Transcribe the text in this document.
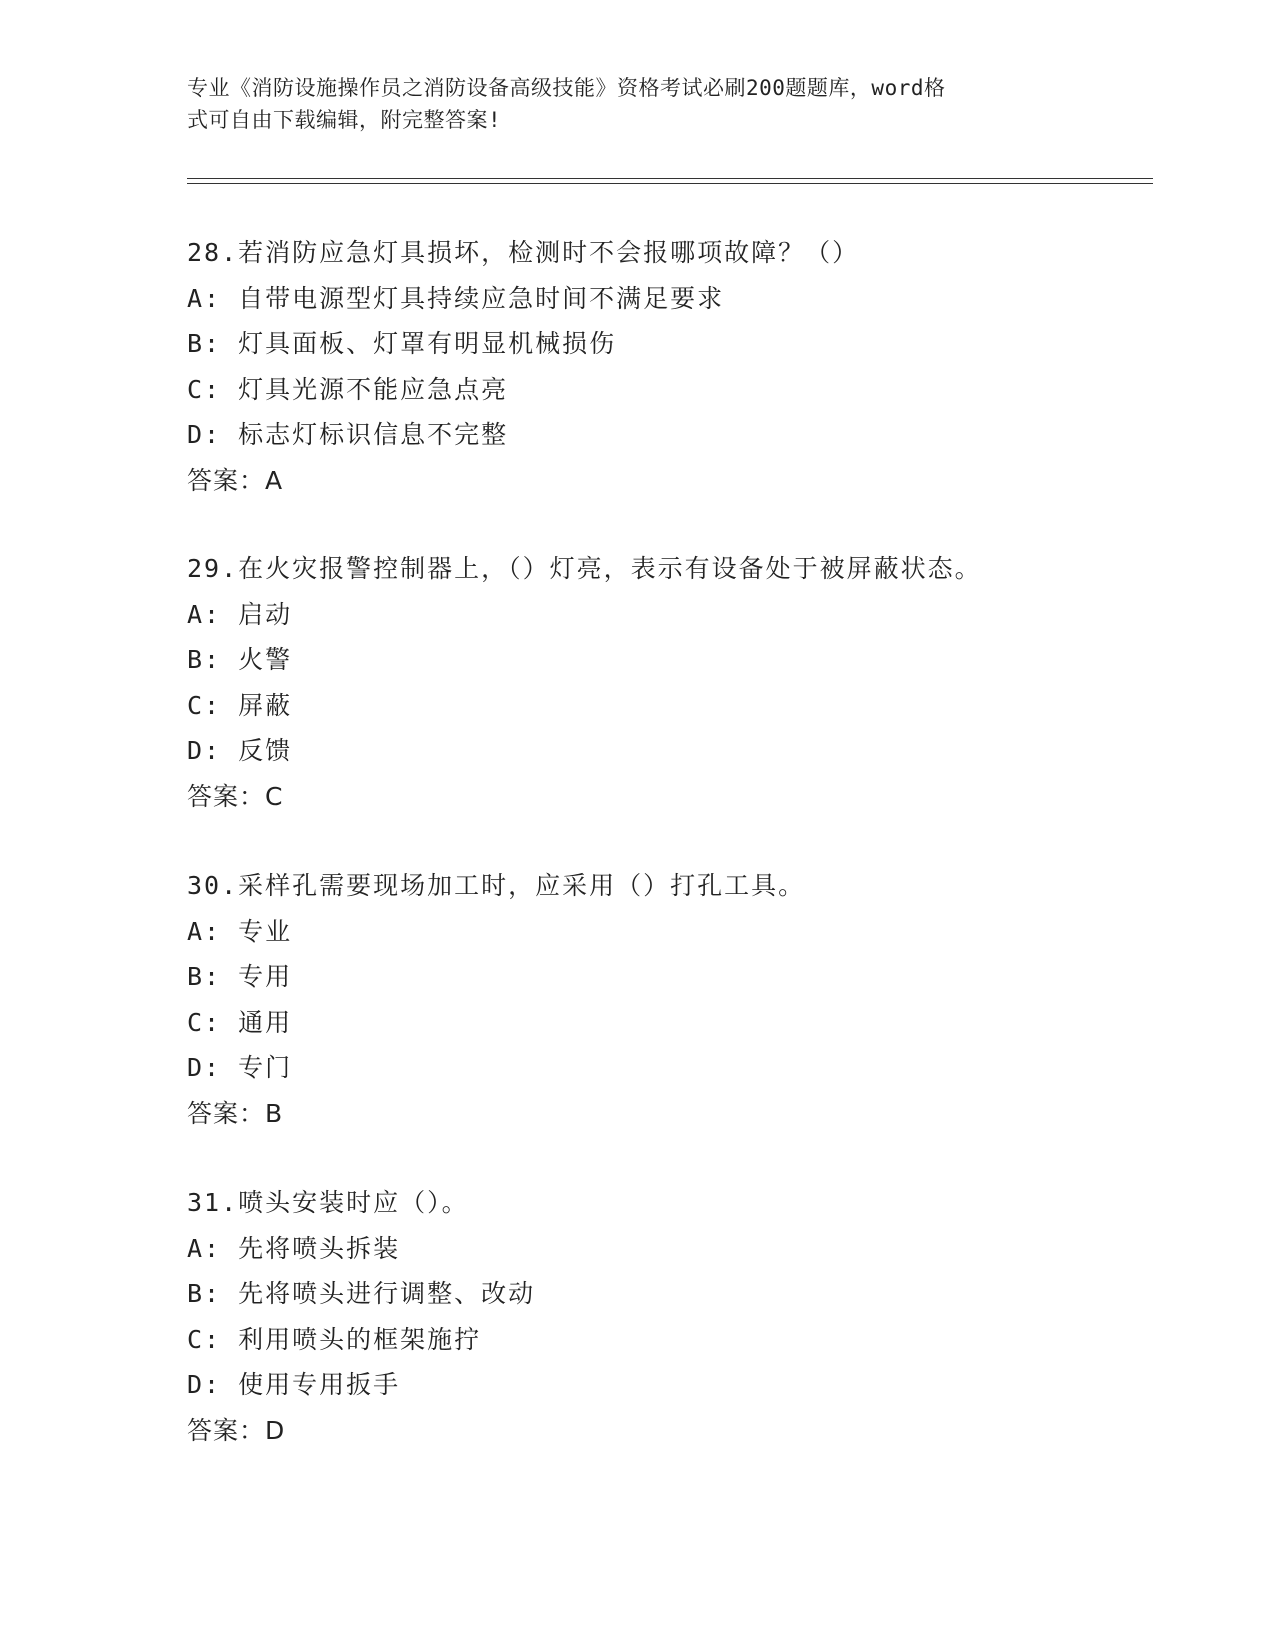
专业《消防设施操作员之消防设备高级技能》资格考试必刷200题题库，word格
式可自由下载编辑，附完整答案!
28.若消防应急灯具损坏，检测时不会报哪项故障？（）
A: 自带电源型灯具持续应急时间不满足要求
B: 灯具面板、灯罩有明显机械损伤
C: 灯具光源不能应急点亮
D: 标志灯标识信息不完整
答案：A
29.在火灾报警控制器上，（）灯亮，表示有设备处于被屏蔽状态。
A: 启动
B: 火警
C: 屏蔽
D: 反馈
答案：C
30.采样孔需要现场加工时，应采用（）打孔工具。
A: 专业
B: 专用
C: 通用
D: 专门
答案：B
31.喷头安装时应（）。
A: 先将喷头拆装
B: 先将喷头进行调整、改动
C: 利用喷头的框架施拧
D: 使用专用扳手
答案：D
